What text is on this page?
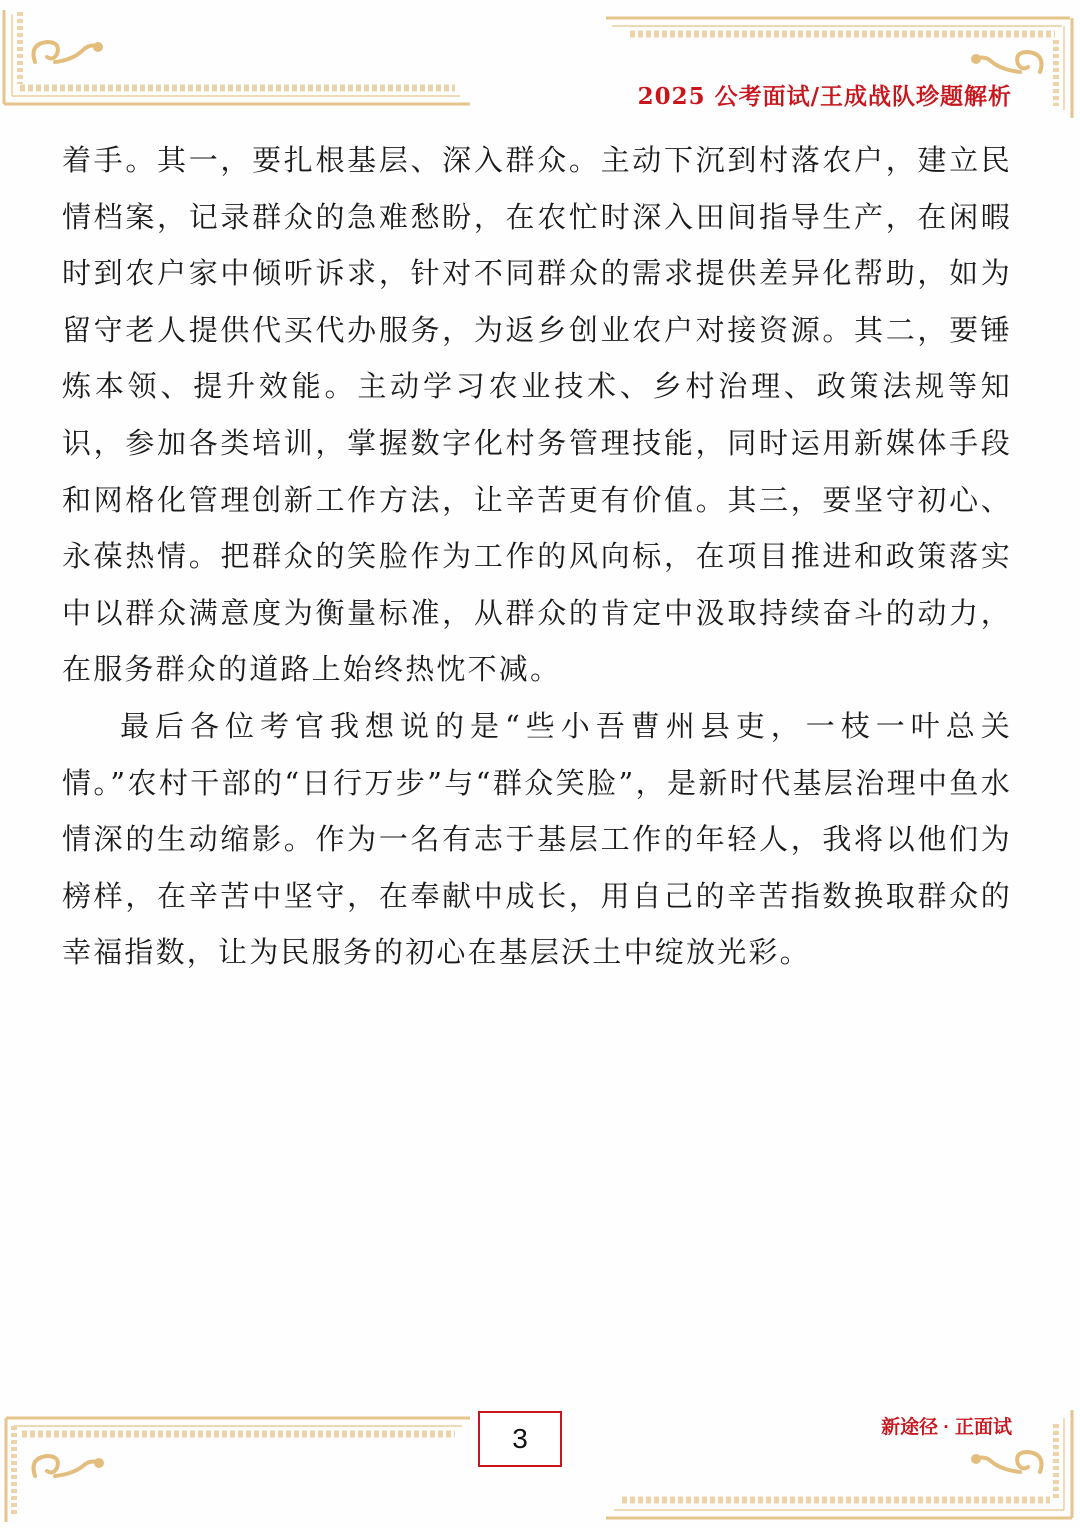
2025 公考面试/王成战队珍题解析

着手。其一，要扎根基层、深入群众。主动下沉到村落农户，建立民情档案，记录群众的急难愁盼，在农忙时深入田间指导生产，在闲暇时到农户家中倾听诉求，针对不同群众的需求提供差异化帮助，如为留守老人提供代买代办服务，为返乡创业农户对接资源。其二，要锤炼本领、提升效能。主动学习农业技术、乡村治理、政策法规等知识，参加各类培训，掌握数字化村务管理技能，同时运用新媒体手段和网格化管理创新工作方法，让辛苦更有价值。其三，要坚守初心、永葆热情。把群众的笑脸作为工作的风向标，在项目推进和政策落实中以群众满意度为衡量标准，从群众的肯定中汲取持续奋斗的动力，在服务群众的道路上始终热忱不减。

最后各位考官我想说的是“些小吾曹州县吏，一枝一叶总关情。”农村干部的“日行万步”与“群众笑脸”，是新时代基层治理中鱼水情深的生动缩影。作为一名有志于基层工作的年轻人，我将以他们为榜样，在辛苦中坚守，在奉献中成长，用自己的辛苦指数换取群众的幸福指数，让为民服务的初心在基层沃土中绽放光彩。

3	新途径 · 正面试
